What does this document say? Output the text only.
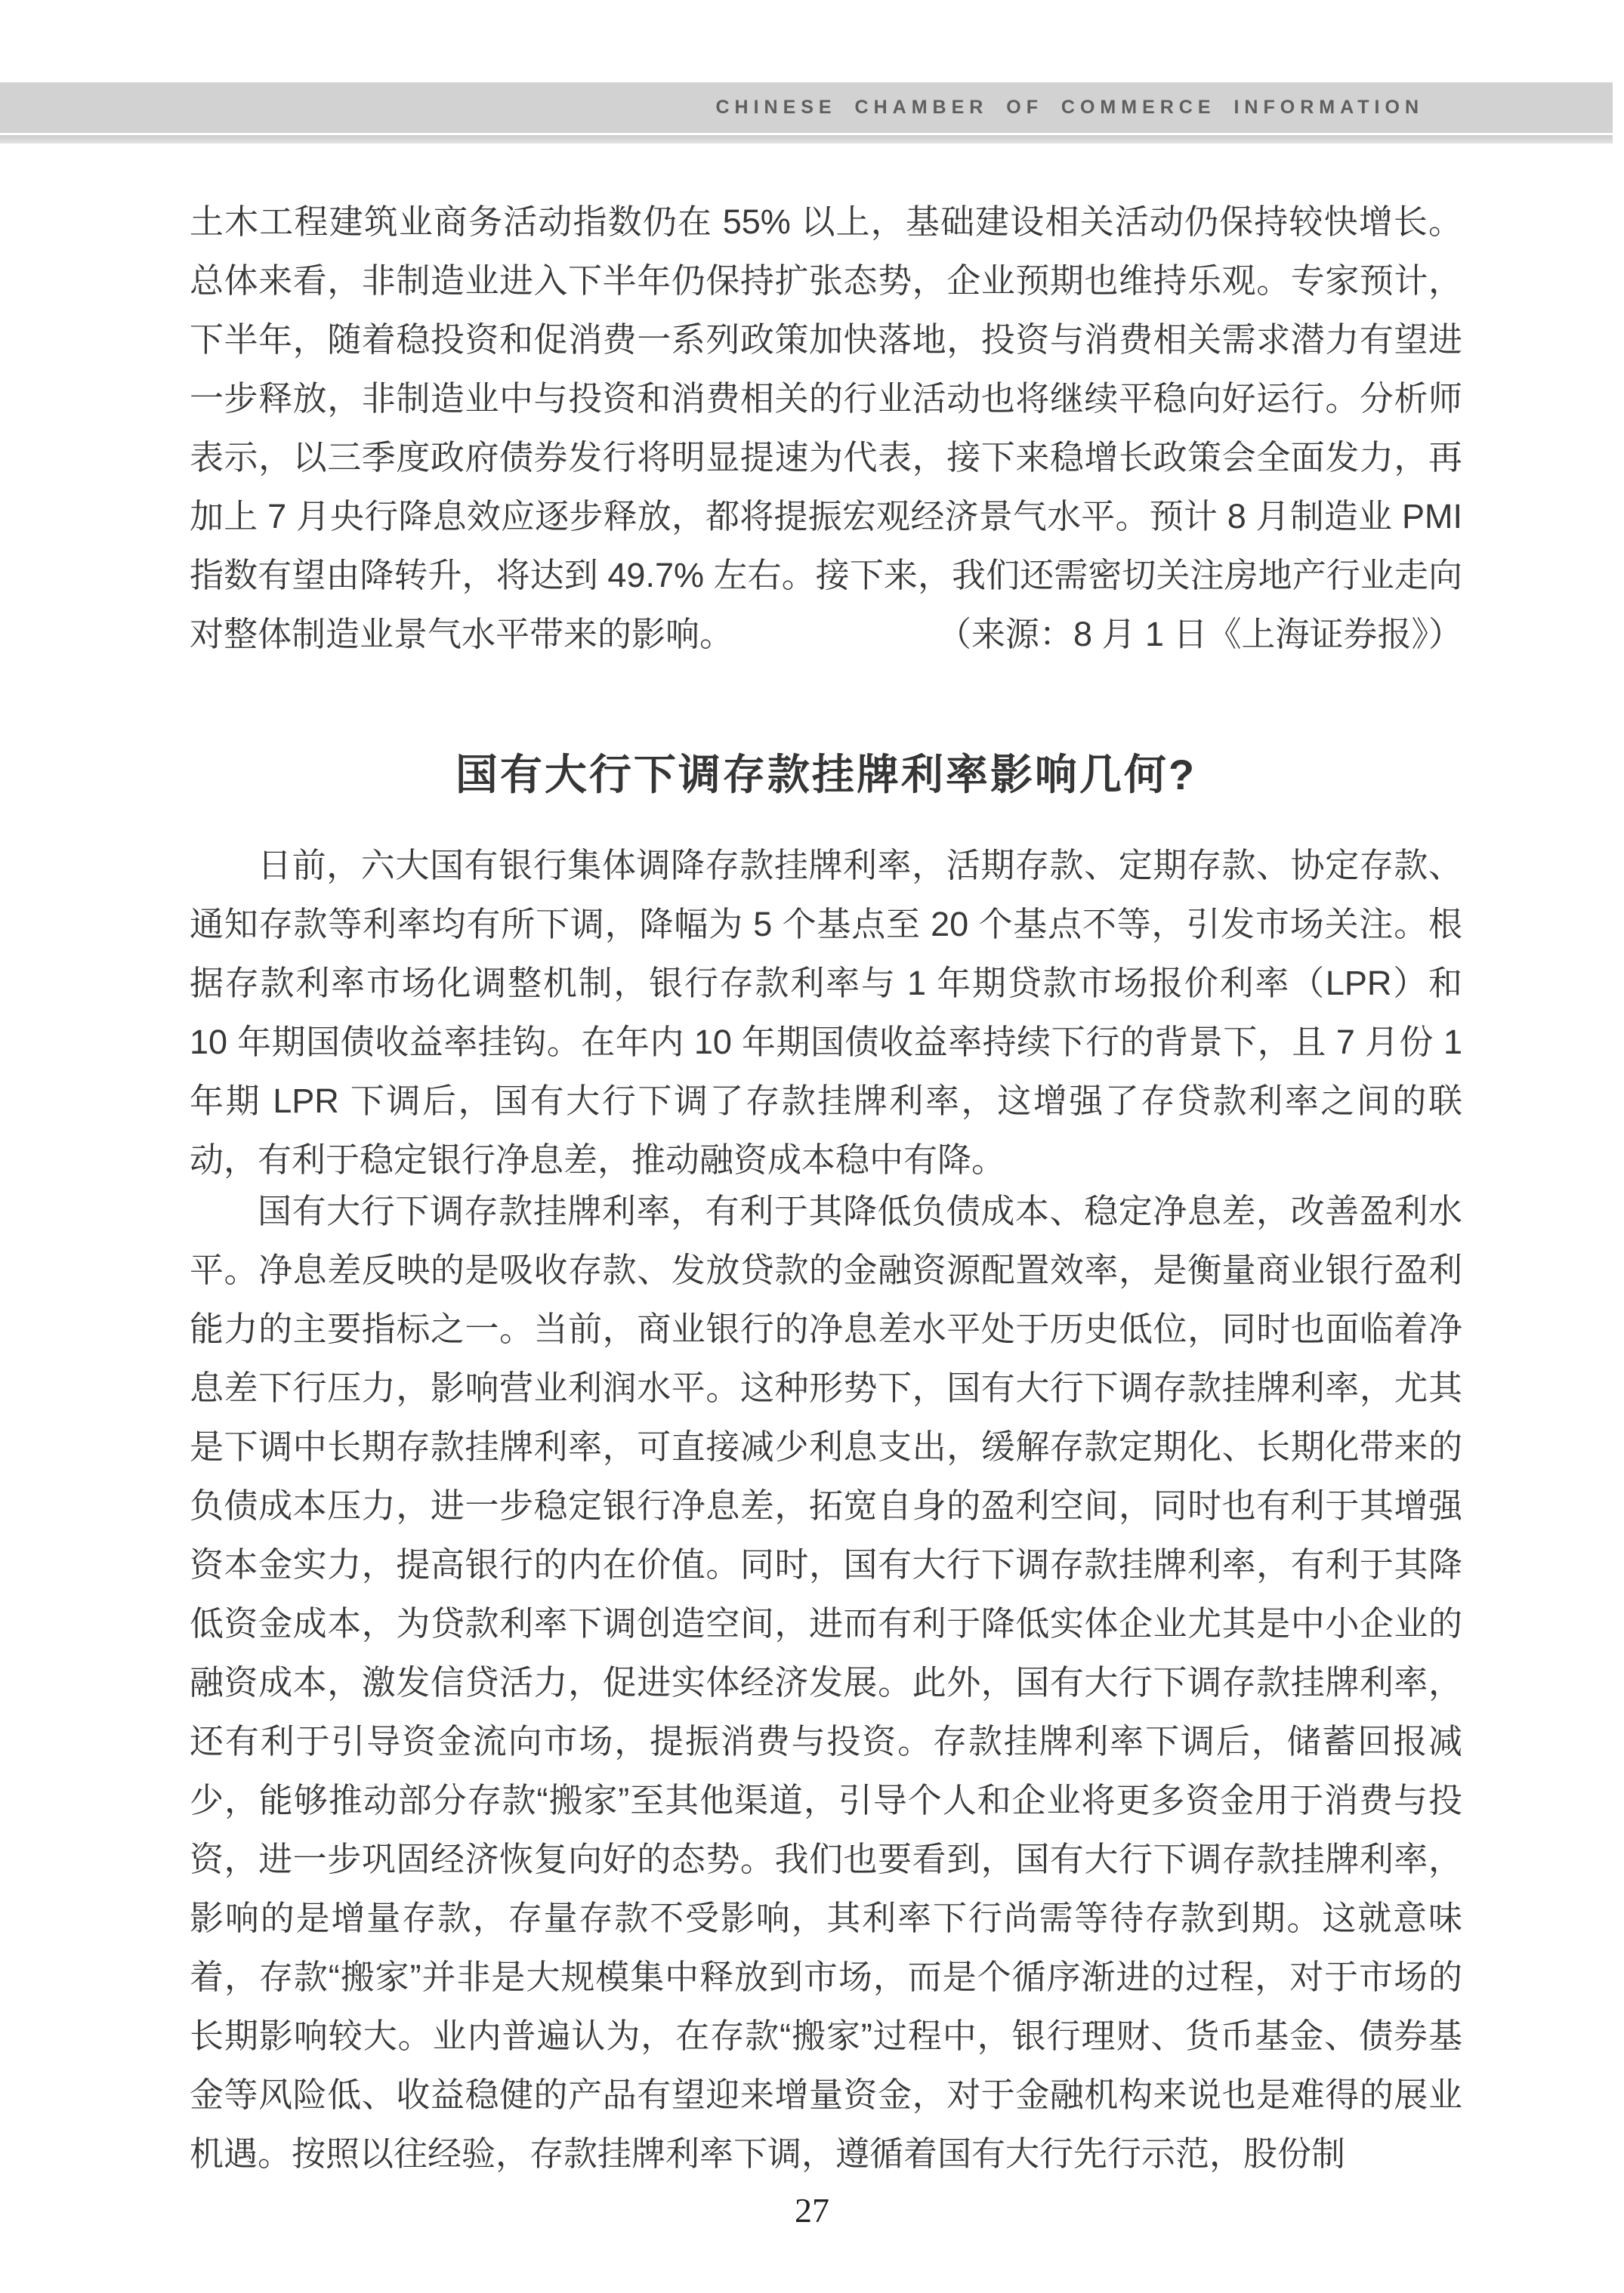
CHINESE CHAMBER OF COMMERCE INFORMATION

土木工程建筑业商务活动指数仍在 55% 以上，基础建设相关活动仍保持较快增长。总体来看，非制造业进入下半年仍保持扩张态势，企业预期也维持乐观。专家预计，下半年，随着稳投资和促消费一系列政策加快落地，投资与消费相关需求潜力有望进一步释放，非制造业中与投资和消费相关的行业活动也将继续平稳向好运行。分析师表示，以三季度政府债券发行将明显提速为代表，接下来稳增长政策会全面发力，再加上 7 月央行降息效应逐步释放，都将提振宏观经济景气水平。预计 8 月制造业 PMI 指数有望由降转升，将达到 49.7% 左右。接下来，我们还需密切关注房地产行业走向对整体制造业景气水平带来的影响。	（来源：8 月 1 日《上海证券报》）

国有大行下调存款挂牌利率影响几何?

日前，六大国有银行集体调降存款挂牌利率，活期存款、定期存款、协定存款、通知存款等利率均有所下调，降幅为 5 个基点至 20 个基点不等，引发市场关注。根据存款利率市场化调整机制，银行存款利率与 1 年期贷款市场报价利率（LPR）和 10 年期国债收益率挂钩。在年内 10 年期国债收益率持续下行的背景下，且 7 月份 1 年期 LPR 下调后，国有大行下调了存款挂牌利率，这增强了存贷款利率之间的联动，有利于稳定银行净息差，推动融资成本稳中有降。

国有大行下调存款挂牌利率，有利于其降低负债成本、稳定净息差，改善盈利水平。净息差反映的是吸收存款、发放贷款的金融资源配置效率，是衡量商业银行盈利能力的主要指标之一。当前，商业银行的净息差水平处于历史低位，同时也面临着净息差下行压力，影响营业利润水平。这种形势下，国有大行下调存款挂牌利率，尤其是下调中长期存款挂牌利率，可直接减少利息支出，缓解存款定期化、长期化带来的负债成本压力，进一步稳定银行净息差，拓宽自身的盈利空间，同时也有利于其增强资本金实力，提高银行的内在价值。同时，国有大行下调存款挂牌利率，有利于其降低资金成本，为贷款利率下调创造空间，进而有利于降低实体企业尤其是中小企业的融资成本，激发信贷活力，促进实体经济发展。此外，国有大行下调存款挂牌利率，还有利于引导资金流向市场，提振消费与投资。存款挂牌利率下调后，储蓄回报减少，能够推动部分存款“搬家”至其他渠道，引导个人和企业将更多资金用于消费与投资，进一步巩固经济恢复向好的态势。我们也要看到，国有大行下调存款挂牌利率，影响的是增量存款，存量存款不受影响，其利率下行尚需等待存款到期。这就意味着，存款“搬家”并非是大规模集中释放到市场，而是个循序渐进的过程，对于市场的长期影响较大。业内普遍认为，在存款“搬家”过程中，银行理财、货币基金、债券基金等风险低、收益稳健的产品有望迎来增量资金，对于金融机构来说也是难得的展业机遇。按照以往经验，存款挂牌利率下调，遵循着国有大行先行示范，股份制

27
